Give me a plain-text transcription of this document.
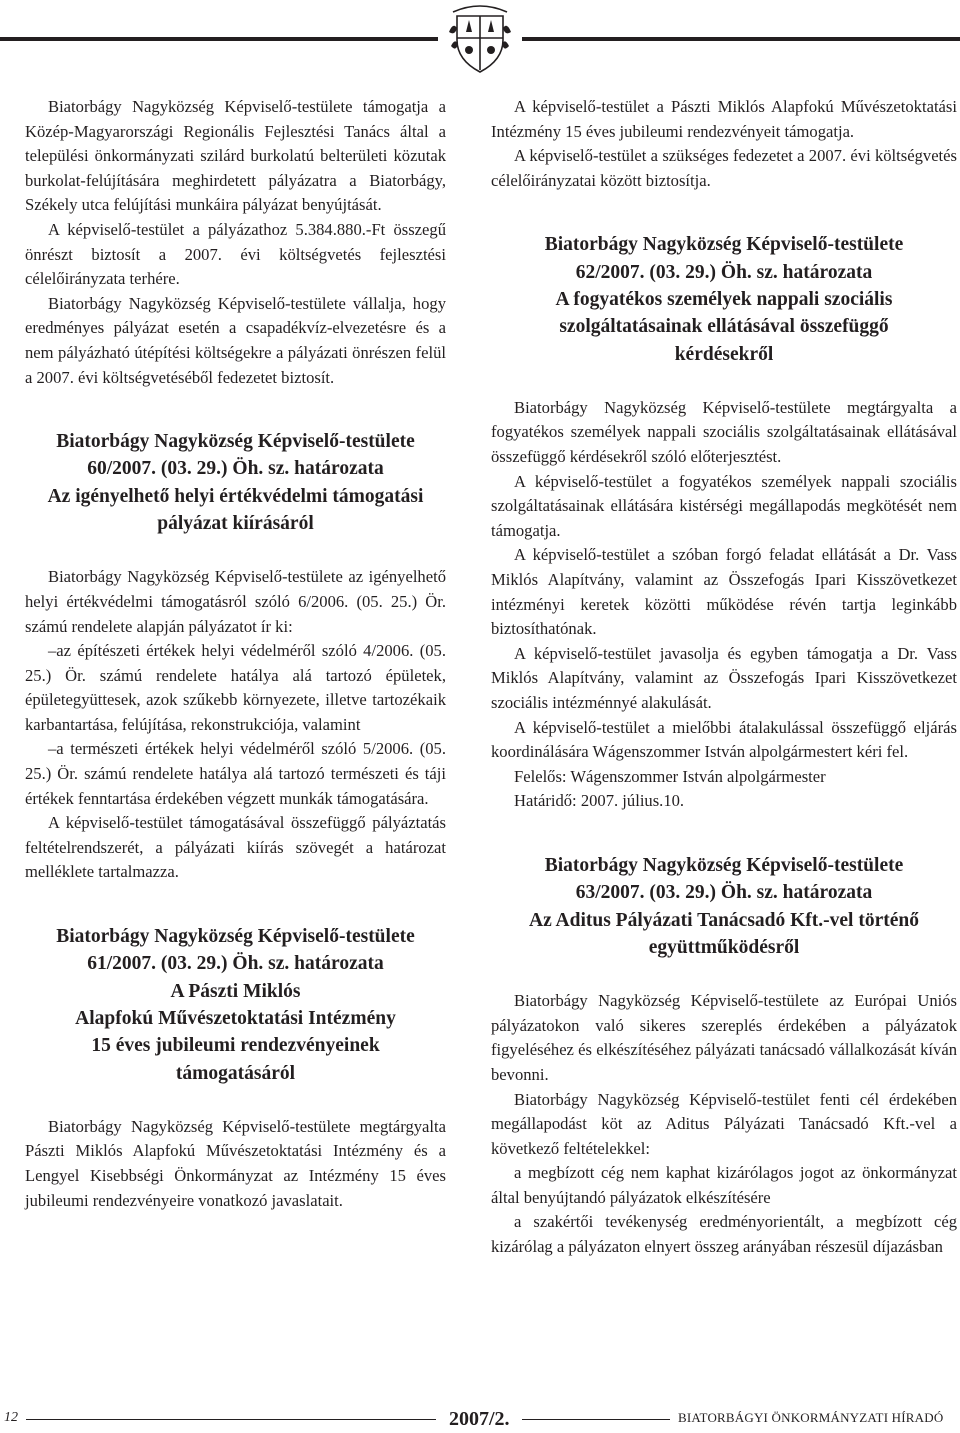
Biatorbágy Nagyközség Képviselő-testülete támogatja a Közép-Magyarországi Regionális Fejlesztési Tanács által a települési önkormányzati szilárd burkolatú belterületi közutak burkolat-felújítására meghirdetett pályázatra a Biatorbágy, Székely utca felújítási munkáira pályázat benyújtását.

A képviselő-testület a pályázathoz 5.384.880.-Ft összegű önrészt biztosít a 2007. évi költségvetés fejlesztési célelőirányzata terhére.

Biatorbágy Nagyközség Képviselő-testülete vállalja, hogy eredményes pályázat esetén a csapadékvíz-elvezetésre és a nem pályázható útépítési költségekre a pályázati önrészen felül a 2007. évi költségvetéséből fedezetet biztosít.

Biatorbágy Nagyközség Képviselő-testülete
60/2007. (03. 29.) Öh. sz. határozata
Az igényelhető helyi értékvédelmi támogatási
pályázat kiírásáról

Biatorbágy Nagyközség Képviselő-testülete az igényelhető helyi értékvédelmi támogatásról szóló 6/2006. (05. 25.) Ör. számú rendelete alapján pályázatot ír ki:

–az építészeti értékek helyi védelméről szóló 4/2006. (05. 25.) Ör. számú rendelete hatálya alá tartozó épületek, épületegyüttesek, azok szűkebb környezete, illetve tartozékaik karbantartása, felújítása, rekonstrukciója, valamint

–a természeti értékek helyi védelméről szóló 5/2006. (05. 25.) Ör. számú rendelete hatálya alá tartozó természeti és táji értékek fenntartása érdekében végzett munkák támogatására.

A képviselő-testület támogatásával összefüggő pályáztatás feltételrendszerét, a pályázati kiírás szövegét a határozat melléklete tartalmazza.

Biatorbágy Nagyközség Képviselő-testülete
61/2007. (03. 29.) Öh. sz. határozata
A Pászti Miklós
Alapfokú Művészetoktatási Intézmény
15 éves jubileumi rendezvényeinek
támogatásáról

Biatorbágy Nagyközség Képviselő-testülete megtárgyalta Pászti Miklós Alapfokú Művészetoktatási Intézmény és a Lengyel Kisebbségi Önkormányzat az Intézmény 15 éves jubileumi rendezvényeire vonatkozó javaslatait.

A képviselő-testület a Pászti Miklós Alapfokú Művészetoktatási Intézmény 15 éves jubileumi rendezvényeit támogatja.

A képviselő-testület a szükséges fedezetet a 2007. évi költségvetés célelőirányzatai között biztosítja.

Biatorbágy Nagyközség Képviselő-testülete
62/2007. (03. 29.) Öh. sz. határozata
A fogyatékos személyek nappali szociális
szolgáltatásainak ellátásával összefüggő
kérdésekről

Biatorbágy Nagyközség Képviselő-testülete megtárgyalta a fogyatékos személyek nappali szociális szolgáltatásainak ellátásával összefüggő kérdésekről szóló előterjesztést.

A képviselő-testület a fogyatékos személyek nappali szociális szolgáltatásainak ellátására kistérségi megállapodás megkötését nem támogatja.

A képviselő-testület a szóban forgó feladat ellátását a Dr. Vass Miklós Alapítvány, valamint az Összefogás Ipari Kisszövetkezet intézményi keretek közötti működése révén tartja leginkább biztosíthatónak.

A képviselő-testület javasolja és egyben támogatja a Dr. Vass Miklós Alapítvány, valamint az Összefogás Ipari Kisszövetkezet szociális intézménnyé alakulását.

A képviselő-testület a mielőbbi átalakulással összefüggő eljárás koordinálására Wágenszommer István alpolgármestert kéri fel.

Felelős: Wágenszommer István alpolgármester

Határidő: 2007. július.10.

Biatorbágy Nagyközség Képviselő-testülete
63/2007. (03. 29.) Öh. sz. határozata
Az Aditus Pályázati Tanácsadó Kft.-vel történő
együttműködésről

Biatorbágy Nagyközség Képviselő-testülete az Európai Uniós pályázatokon való sikeres szereplés érdekében a pályázatok figyeléséhez és elkészítéséhez pályázati tanácsadó vállalkozását kíván bevonni.

Biatorbágy Nagyközség Képviselő-testület fenti cél érdekében megállapodást köt az Aditus Pályázati Tanácsadó Kft.-vel a következő feltételekkel:

a megbízott cég nem kaphat kizárólagos jogot az önkormányzat által benyújtandó pályázatok elkészítésére

a szakértői tevékenység eredményorientált, a megbízott cég kizárólag a pályázaton elnyert összeg arányában részesül díjazásban

12	2007/2.	BIATORBÁGYI ÖNKORMÁNYZATI HÍRADÓ
